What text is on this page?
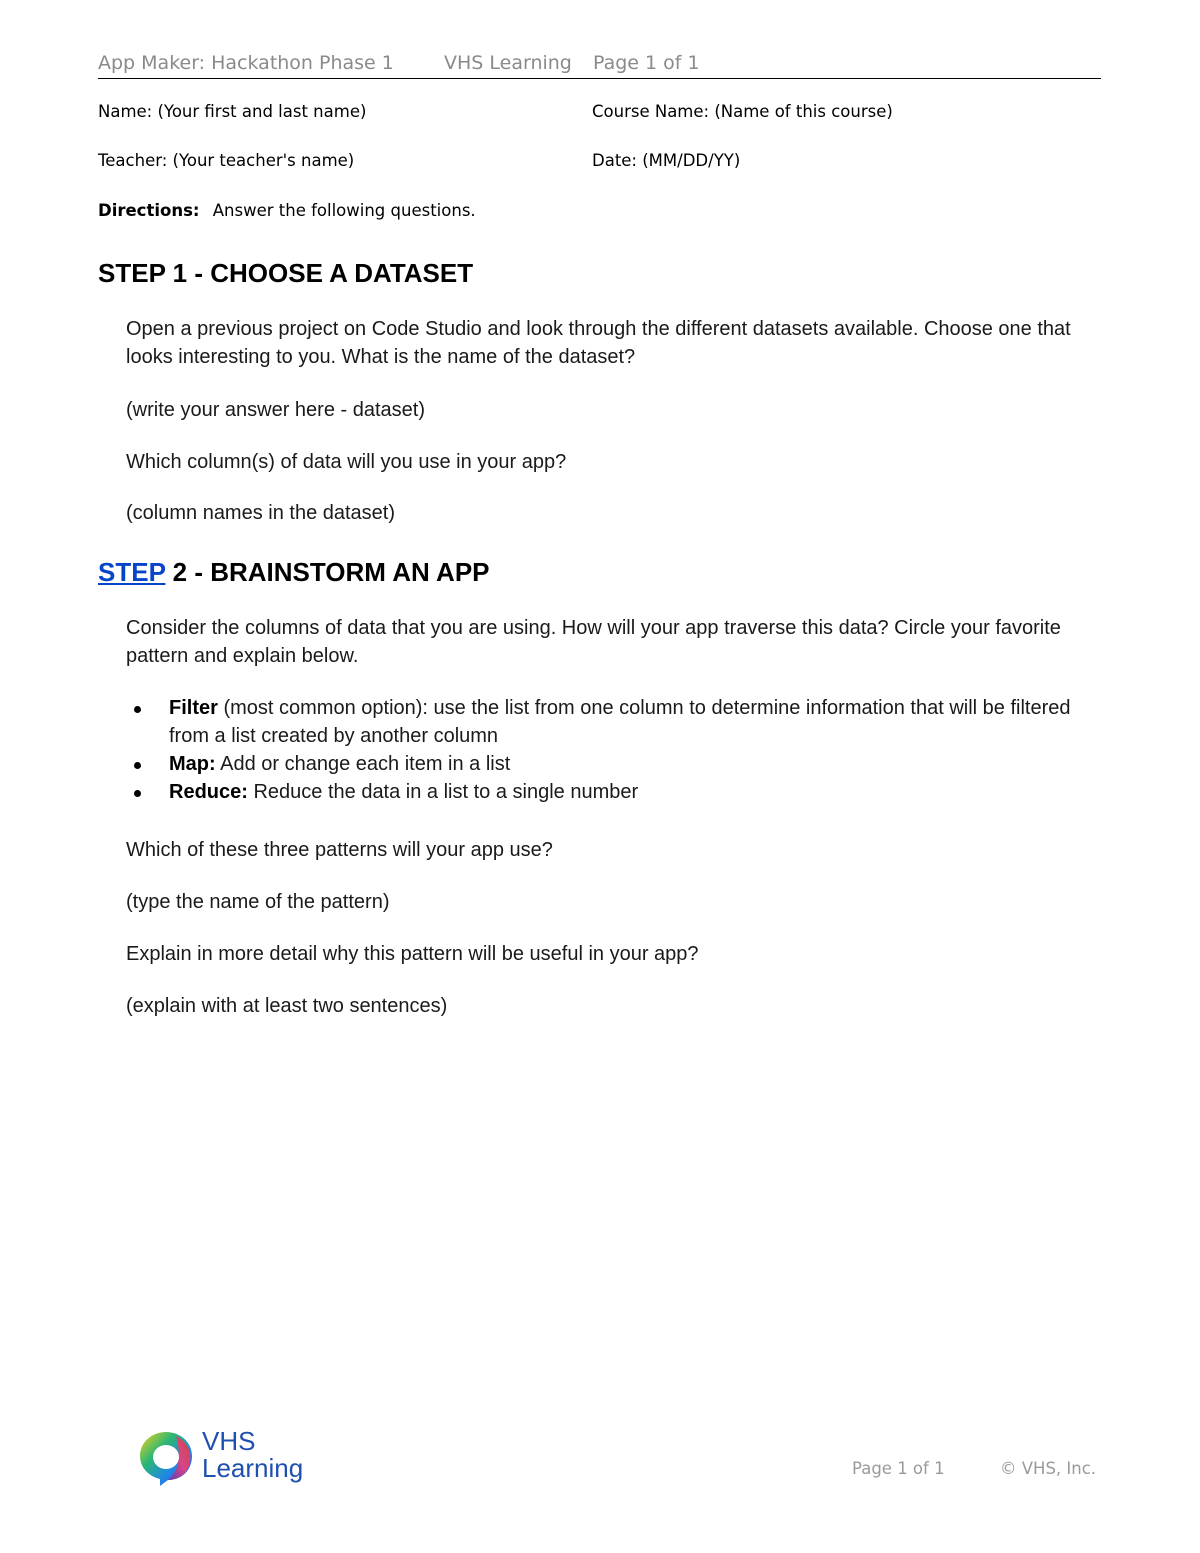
App Maker: Hackathon Phase 1	VHS Learning Page 1 of 1
Name: (Your first and last name)	Course Name: (Name of this course)
Teacher: (Your teacher's name)	Date: (MM/DD/YY)
Directions: Answer the following questions.
STEP 1 - CHOOSE A DATASET
Open a previous project on Code Studio and look through the different datasets available. Choose one that looks interesting to you. What is the name of the dataset?
(write your answer here - dataset)
Which column(s) of data will you use in your app?
(column names in the dataset)
STEP 2 - BRAINSTORM AN APP
Consider the columns of data that you are using. How will your app traverse this data? Circle your favorite pattern and explain below.
Filter (most common option): use the list from one column to determine information that will be filtered from a list created by another column
Map: Add or change each item in a list
Reduce: Reduce the data in a list to a single number
Which of these three patterns will your app use?
(type the name of the pattern)
Explain in more detail why this pattern will be useful in your app?
(explain with at least two sentences)
VHS
Learning	Page 1 of 1	© VHS, Inc.
